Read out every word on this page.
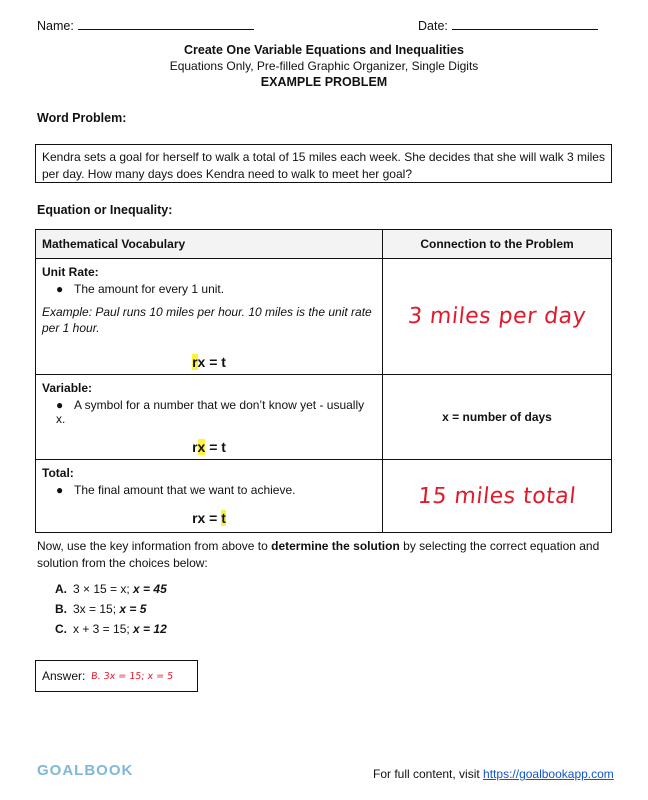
Name:	Date:
Create One Variable Equations and Inequalities
Equations Only, Pre-filled Graphic Organizer, Single Digits
EXAMPLE PROBLEM
Word Problem:
Kendra sets a goal for herself to walk a total of 15 miles each week. She decides that she will walk 3 miles per day. How many days does Kendra need to walk to meet her goal?
Equation or Inequality:
Mathematical Vocabulary	Connection to the Problem

Unit Rate:
● The amount for every 1 unit.
Example: Paul runs 10 miles per hour. 10 miles is the unit rate per 1 hour.
rx = t	3 miles per day

Variable:
● A symbol for a number that we don’t know yet - usually x.
rx = t	x = number of days

Total:
● The final amount that we want to achieve.
rx = t	15 miles total
Now, use the key information from above to determine the solution by selecting the correct equation and solution from the choices below:
A. 3 × 15 = x; x = 45
B. 3x = 15; x = 5
C. x + 3 = 15; x = 12
Answer: B. 3x = 15; x = 5
GOALBOOK	For full content, visit https://goalbookapp.com
